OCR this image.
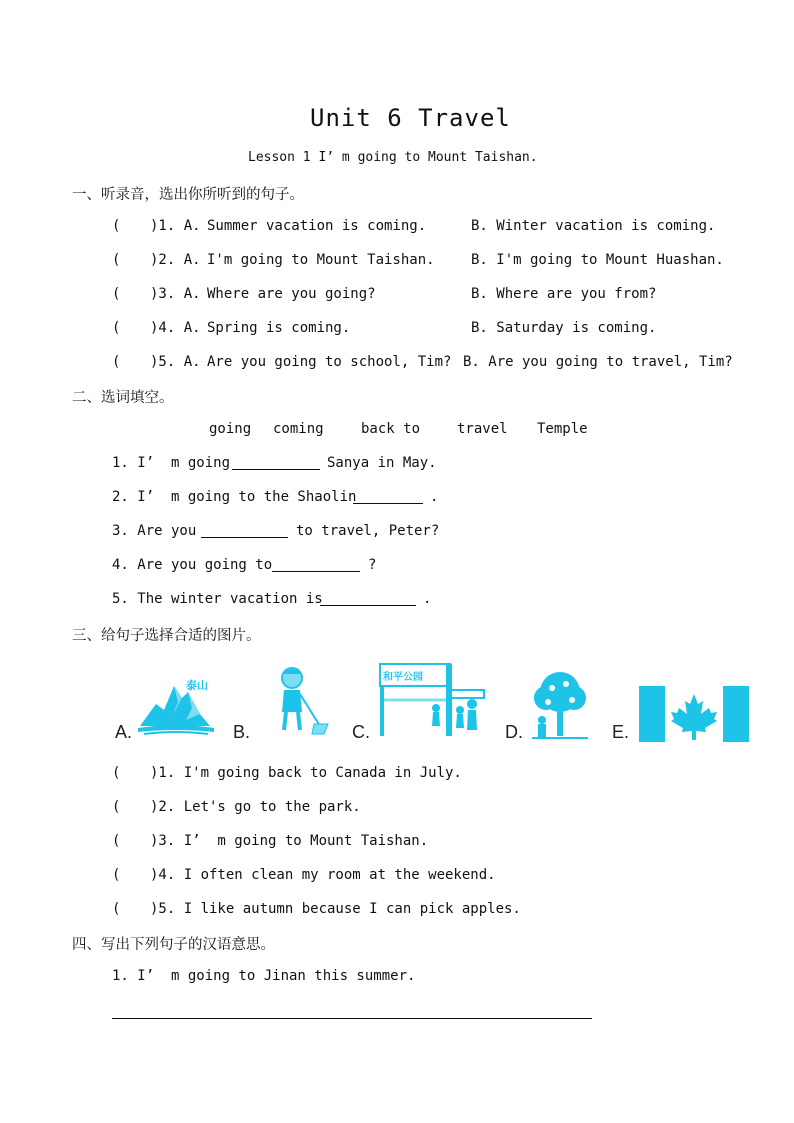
Unit 6 Travel
Lesson 1 I’ m going to Mount Taishan.
一、听录音，选出你所听到的句子。
( )1. A. Summer vacation is coming.	B. Winter vacation is coming.
( )2. A. I'm going to Mount Taishan.	B. I'm going to Mount Huashan.
( )3. A. Where are you going?	B. Where are you from?
( )4. A. Spring is coming.	B. Saturday is coming.
( )5. A. Are you going to school, Tim? B. Are you going to travel, Tim?
二、选词填空。
going coming	back to	travel Temple
1. I’  m going	Sanya in May.
2. I’  m going to the Shaolin	.
3. Are you	to travel, Peter?
4. Are you going to	?
5. The winter vacation is	.
三、给句子选择合适的图片。
A.
泰山
B.	C.
和平公园
D.	E.
( )1. I'm going back to Canada in July.
( )2. Let's go to the park.
( )3. I’  m going to Mount Taishan.
( )4. I often clean my room at the weekend.
( )5. I like autumn because I can pick apples.
四、写出下列句子的汉语意思。
1. I’  m going to Jinan this summer.
